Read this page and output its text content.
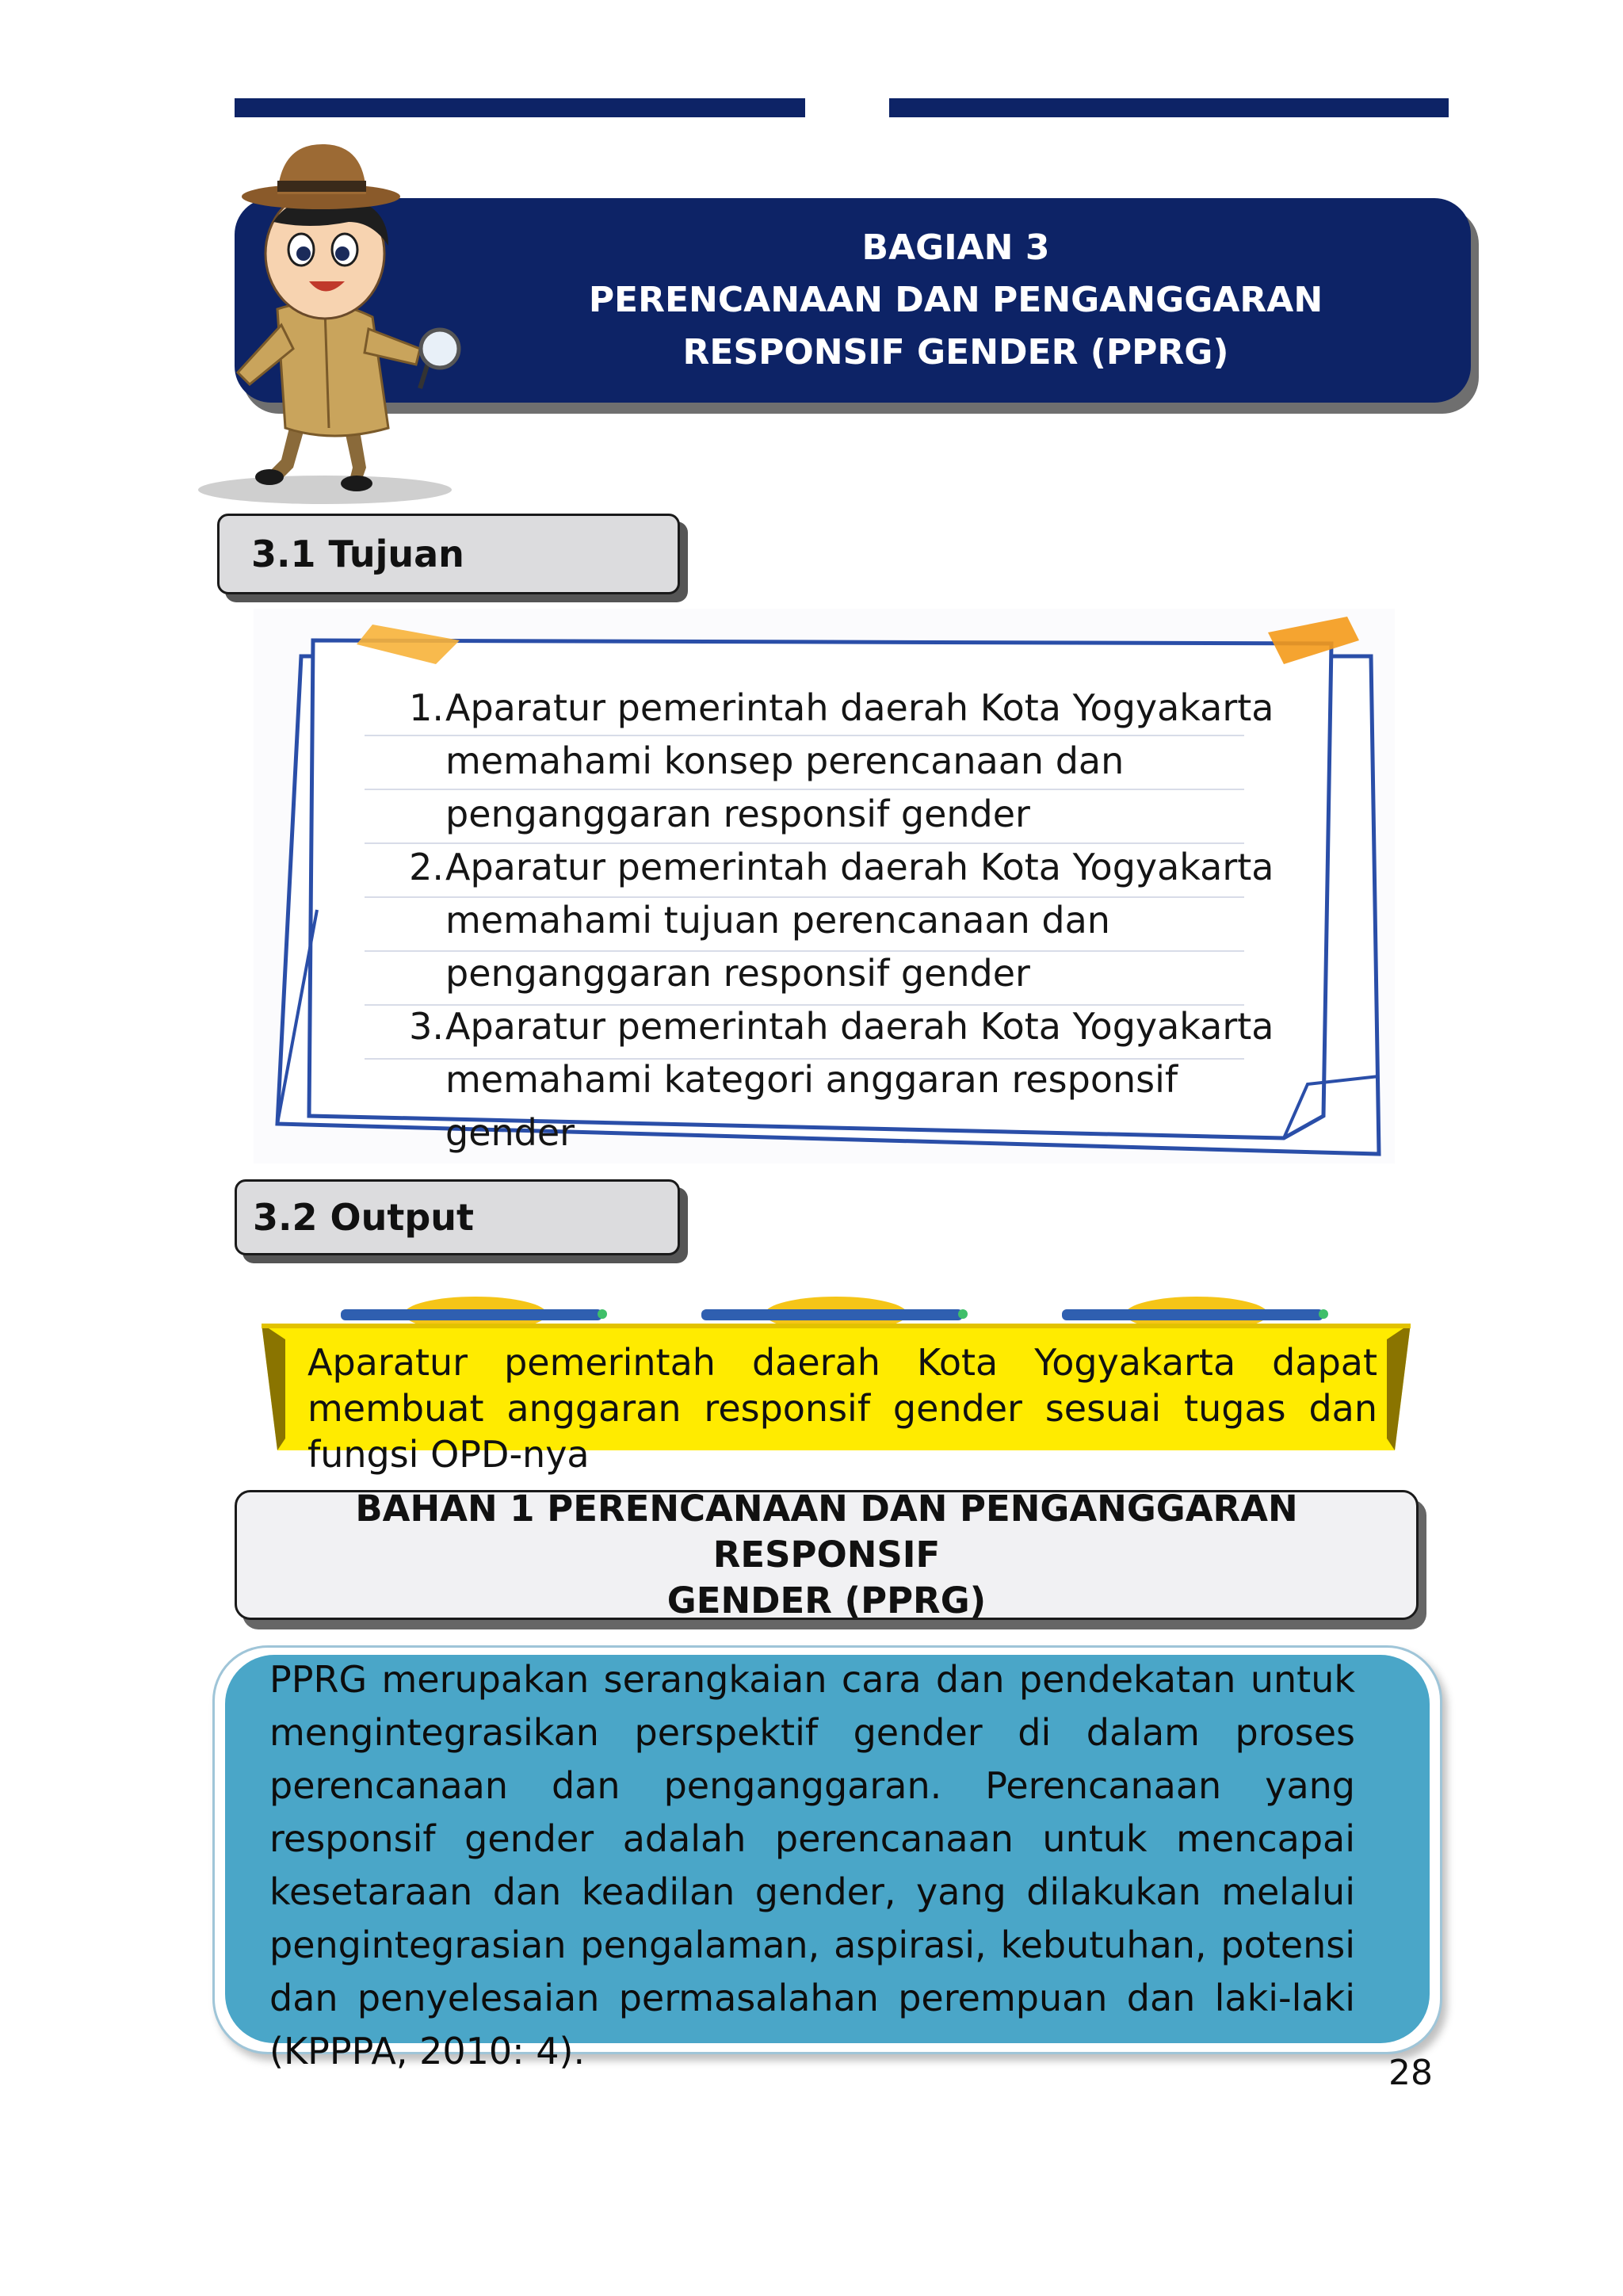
BAGIAN 3
PERENCANAAN DAN PENGANGGARAN
RESPONSIF GENDER (PPRG)
3.1 Tujuan
1. Aparatur pemerintah daerah Kota Yogyakarta memahami konsep perencanaan dan penganggaran responsif gender
2. Aparatur pemerintah daerah Kota Yogyakarta memahami tujuan perencanaan dan penganggaran responsif gender
3. Aparatur pemerintah daerah Kota Yogyakarta memahami kategori anggaran responsif gender
3.2 Output
Aparatur pemerintah daerah Kota Yogyakarta dapat membuat anggaran responsif gender sesuai tugas dan fungsi OPD-nya
BAHAN 1 PERENCANAAN DAN PENGANGGARAN RESPONSIF
GENDER (PPRG)
PPRG merupakan serangkaian cara dan pendekatan untuk mengintegrasikan perspektif gender di dalam proses perencanaan dan penganggaran. Perencanaan yang responsif gender adalah perencanaan untuk mencapai kesetaraan dan keadilan gender, yang dilakukan melalui pengintegrasian pengalaman, aspirasi, kebutuhan, potensi dan penyelesaian permasalahan perempuan dan laki-laki (KPPPA, 2010: 4).
28
